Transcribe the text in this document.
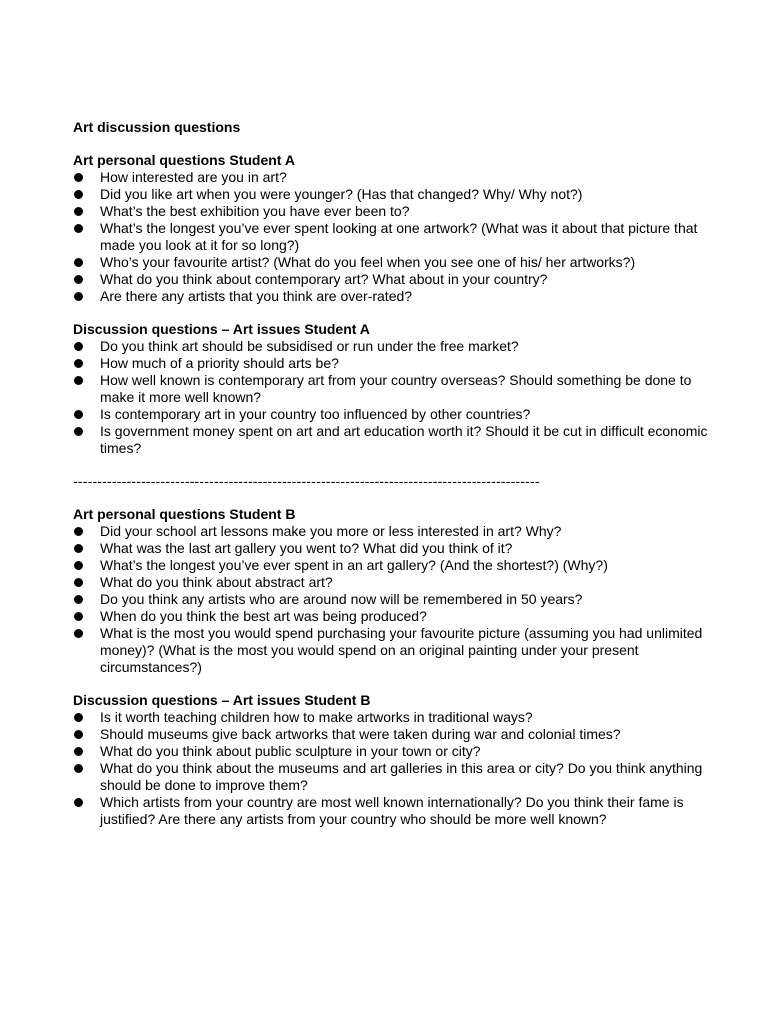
Art discussion questions
Art personal questions Student A
How interested are you in art?
Did you like art when you were younger? (Has that changed? Why/ Why not?)
What’s the best exhibition you have ever been to?
What’s the longest you’ve ever spent looking at one artwork? (What was it about that picture that made you look at it for so long?)
Who’s your favourite artist? (What do you feel when you see one of his/ her artworks?)
What do you think about contemporary art? What about in your country?
Are there any artists that you think are over-rated?
Discussion questions – Art issues Student A
Do you think art should be subsidised or run under the free market?
How much of a priority should arts be?
How well known is contemporary art from your country overseas? Should something be done to make it more well known?
Is contemporary art in your country too influenced by other countries?
Is government money spent on art and art education worth it? Should it be cut in difficult economic times?
------------------------------------------------------------------------------------------------
Art personal questions Student B
Did your school art lessons make you more or less interested in art? Why?
What was the last art gallery you went to? What did you think of it?
What’s the longest you’ve ever spent in an art gallery? (And the shortest?) (Why?)
What do you think about abstract art?
Do you think any artists who are around now will be remembered in 50 years?
When do you think the best art was being produced?
What is the most you would spend purchasing your favourite picture (assuming you had unlimited money)? (What is the most you would spend on an original painting under your present circumstances?)
Discussion questions – Art issues Student B
Is it worth teaching children how to make artworks in traditional ways?
Should museums give back artworks that were taken during war and colonial times?
What do you think about public sculpture in your town or city?
What do you think about the museums and art galleries in this area or city? Do you think anything should be done to improve them?
Which artists from your country are most well known internationally? Do you think their fame is justified? Are there any artists from your country who should be more well known?
